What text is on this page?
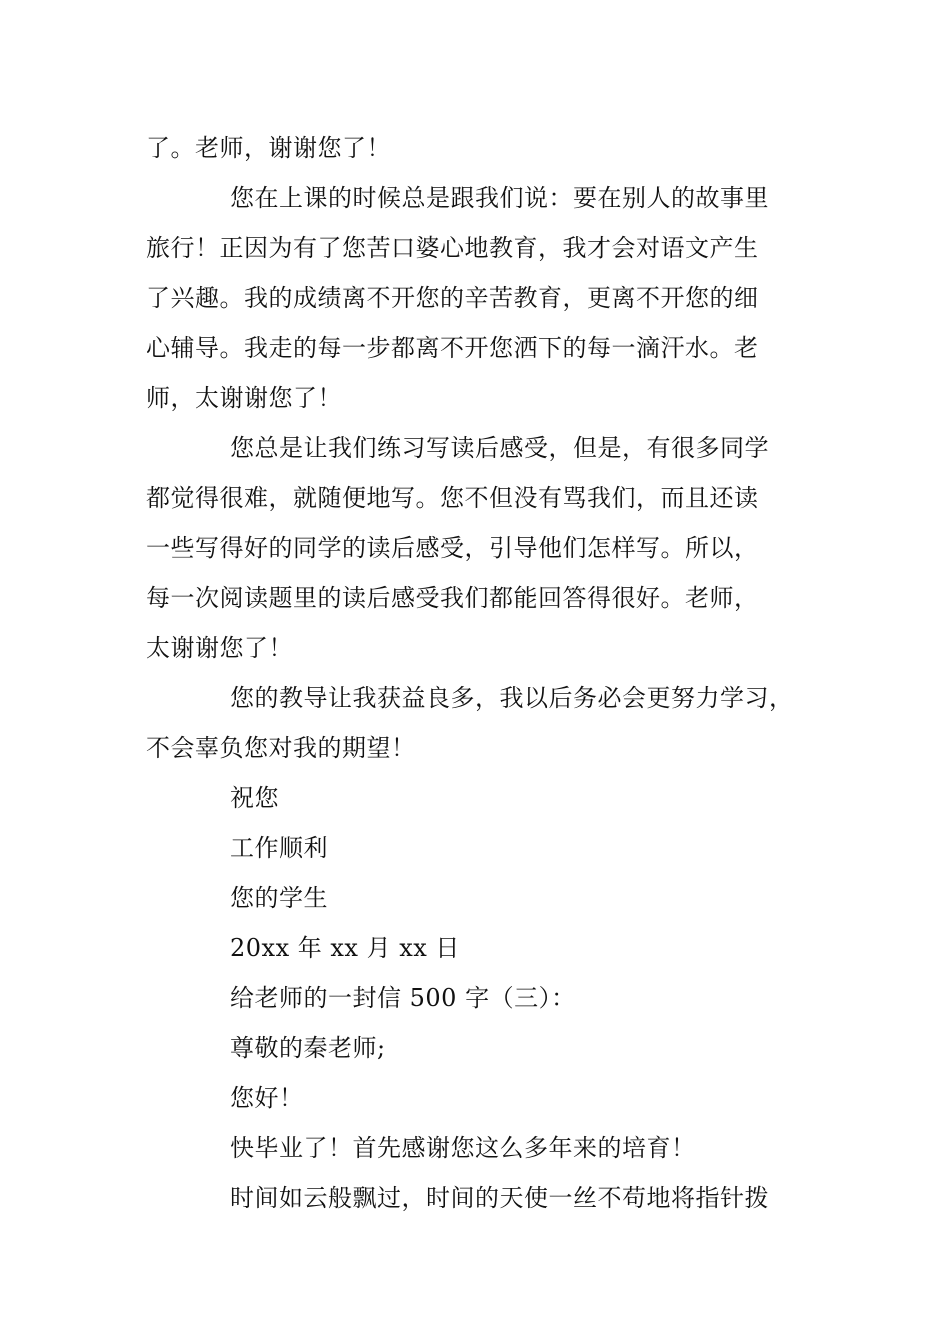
了。老师，谢谢您了！
您在上课的时候总是跟我们说：要在别人的故事里
旅行！正因为有了您苦口婆心地教育，我才会对语文产生
了兴趣。我的成绩离不开您的辛苦教育，更离不开您的细
心辅导。我走的每一步都离不开您洒下的每一滴汗水。老
师，太谢谢您了！
您总是让我们练习写读后感受，但是，有很多同学
都觉得很难，就随便地写。您不但没有骂我们，而且还读
一些写得好的同学的读后感受，引导他们怎样写。所以，
每一次阅读题里的读后感受我们都能回答得很好。老师，
太谢谢您了！
您的教导让我获益良多，我以后务必会更努力学习，
不会辜负您对我的期望！
祝您
工作顺利
您的学生
20xx 年 xx 月 xx 日
给老师的一封信 500 字（三）：
尊敬的秦老师;
您好！
快毕业了！首先感谢您这么多年来的培育！
时间如云般飘过，时间的天使一丝不苟地将指针拨
